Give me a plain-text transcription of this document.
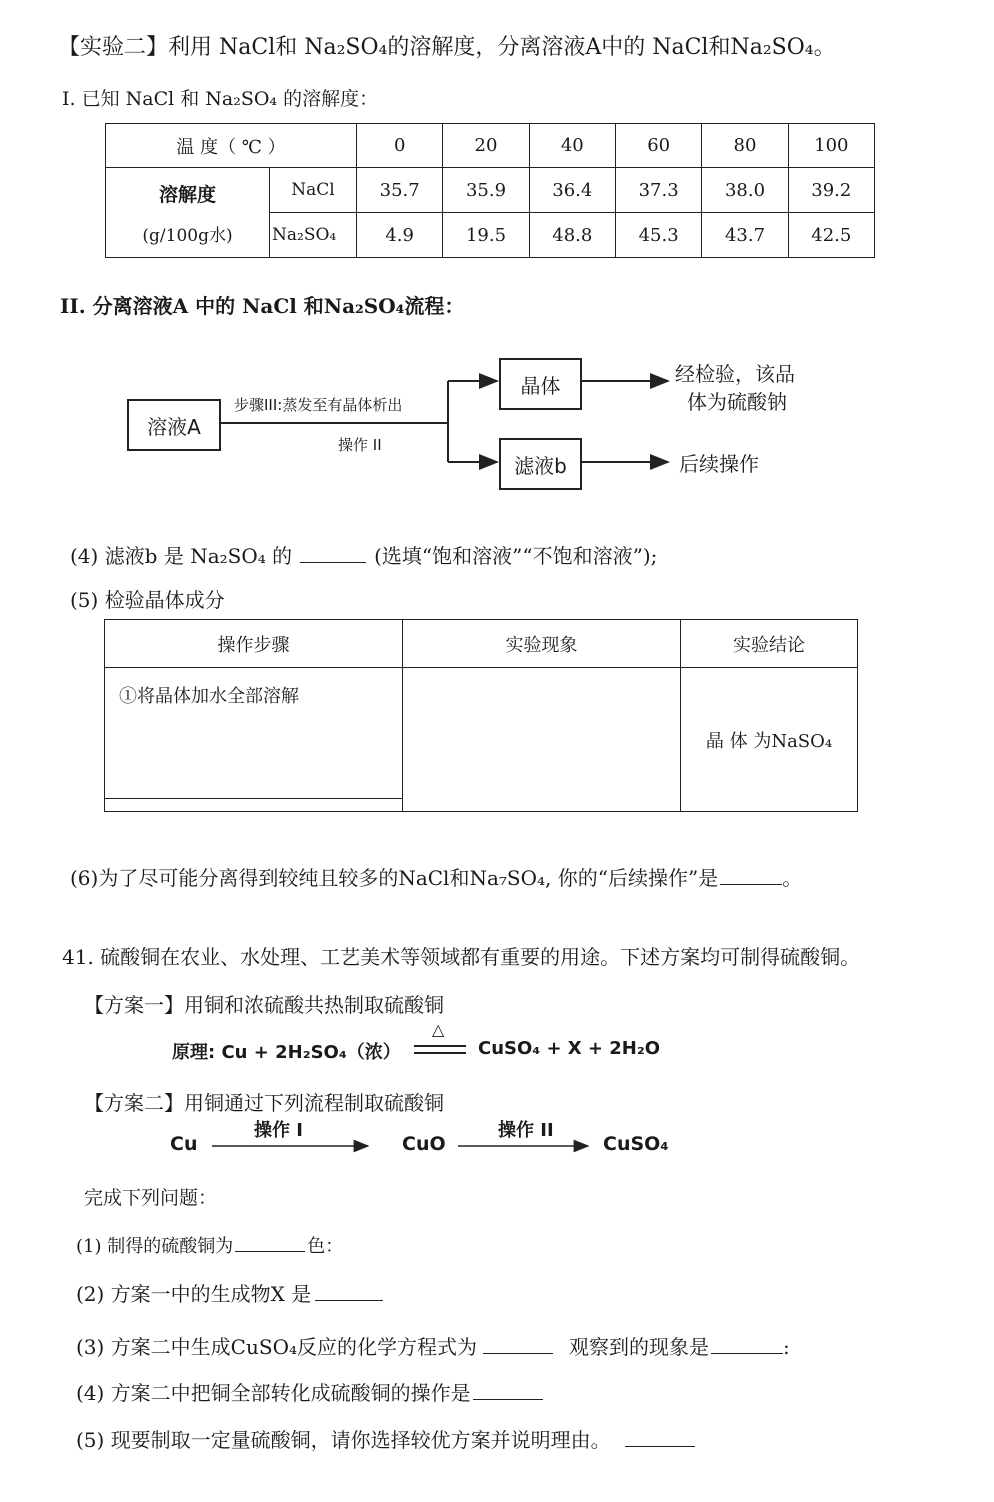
【实验二】利用 NaCl和 Na₂SO₄的溶解度，分离溶液A中的 NaCl和Na₂SO₄。
I. 已知 NaCl 和 Na₂SO₄ 的溶解度：
温 度（ ℃ ）		0	20	40	60	80	100

溶解度
(g/100g水)	NaCl	35.7	35.9	36.4	37.3	38.0	39.2
	Na₂SO₄	4.9	19.5	48.8	45.3	43.7	42.5
II. 分离溶液A 中的 NaCl 和Na₂SO₄流程：
溶液A
晶体
滤液b
步骤III:蒸发至有晶体析出
操作 II
经检验，该品
体为硫酸钠
后续操作
(4) 滤液b 是 Na₂SO₄ 的	(选填“饱和溶液”“不饱和溶液”);
(5) 检验晶体成分
操作步骤	实验现象	实验结论

①将晶体加水全部溶解		晶 体 为NaSO₄
(6)为了尽可能分离得到较纯且较多的NaCl和Na₇SO₄, 你的“后续操作”是	。
41. 硫酸铜在农业、水处理、工艺美术等领域都有重要的用途。下述方案均可制得硫酸铜。
【方案一】用铜和浓硫酸共热制取硫酸铜
原理: Cu + 2H₂SO₄（浓）
△
CuSO₄ + X + 2H₂O
【方案二】用铜通过下列流程制取硫酸铜
Cu
操作 I
CuO
操作 II
CuSO₄
完成下列问题：
(1) 制得的硫酸铜为	色：
(2) 方案一中的生成物X 是
(3) 方案二中生成CuSO₄反应的化学方程式为	观察到的现象是	:
(4) 方案二中把铜全部转化成硫酸铜的操作是
(5) 现要制取一定量硫酸铜，请你选择较优方案并说明理由。
